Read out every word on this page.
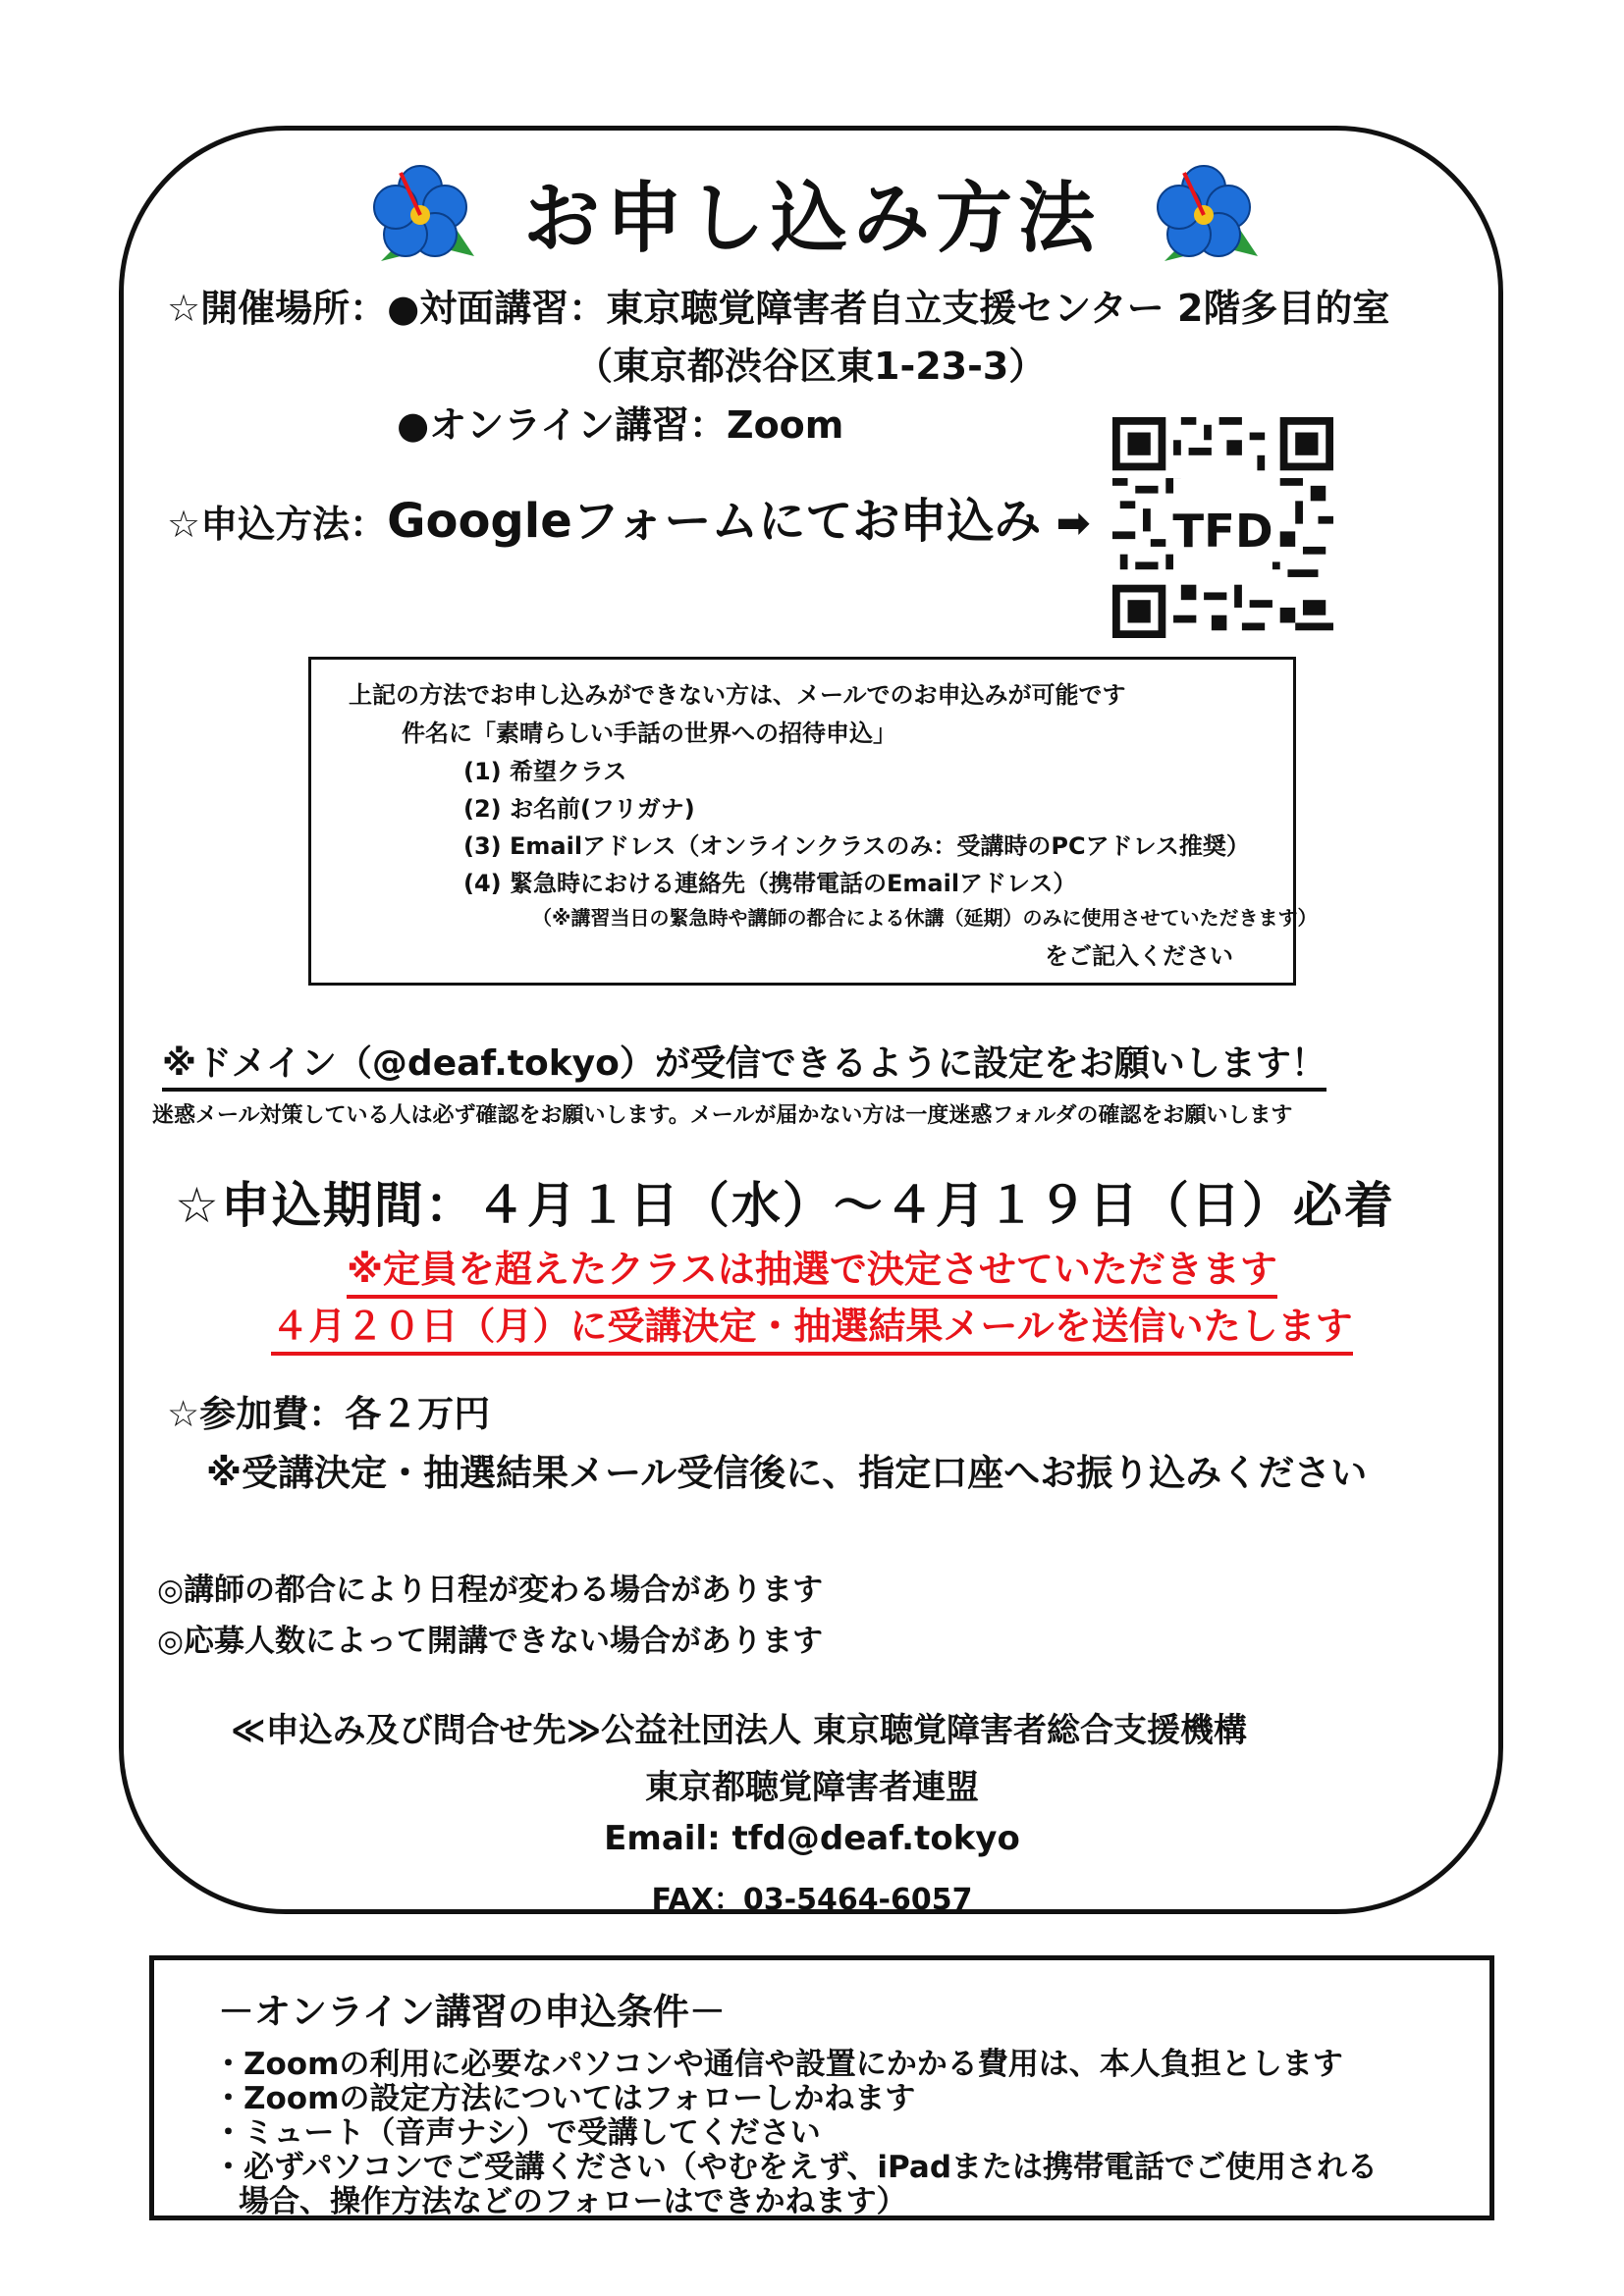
お申し込み方法
☆開催場所：●対面講習：東京聴覚障害者自立支援センター 2階多目的室
（東京都渋谷区東1-23-3）
●オンライン講習：Zoom
☆申込方法：Googleフォームにてお申込み ➡	TFD
上記の方法でお申し込みができない方は、メールでのお申込みが可能です
件名に「素晴らしい手話の世界への招待申込」
(1) 希望クラス
(2) お名前(フリガナ)
(3) Emailアドレス（オンラインクラスのみ：受講時のPCアドレス推奨）
(4) 緊急時における連絡先（携帯電話のEmailアドレス）
（※講習当日の緊急時や講師の都合による休講（延期）のみに使用させていただきます）
をご記入ください
※ドメイン（@deaf.tokyo）が受信できるように設定をお願いします！
迷惑メール対策している人は必ず確認をお願いします。メールが届かない方は一度迷惑フォルダの確認をお願いします
☆申込期間：４月１日（水）～４月１９日（日）必着
※定員を超えたクラスは抽選で決定させていただきます
４月２０日（月）に受講決定・抽選結果メールを送信いたします
☆参加費：各２万円
※受講決定・抽選結果メール受信後に、指定口座へお振り込みください
◎講師の都合により日程が変わる場合があります
◎応募人数によって開講できない場合があります
≪申込み及び問合せ先≫公益社団法人 東京聴覚障害者総合支援機構
東京都聴覚障害者連盟
Email: tfd@deaf.tokyo
FAX：03-5464-6057
－オンライン講習の申込条件－
・Zoomの利用に必要なパソコンや通信や設置にかかる費用は、本人負担とします
・Zoomの設定方法についてはフォローしかねます
・ミュート（音声ナシ）で受講してください
・必ずパソコンでご受講ください（やむをえず、iPadまたは携帯電話でご使用される
場合、操作方法などのフォローはできかねます）
